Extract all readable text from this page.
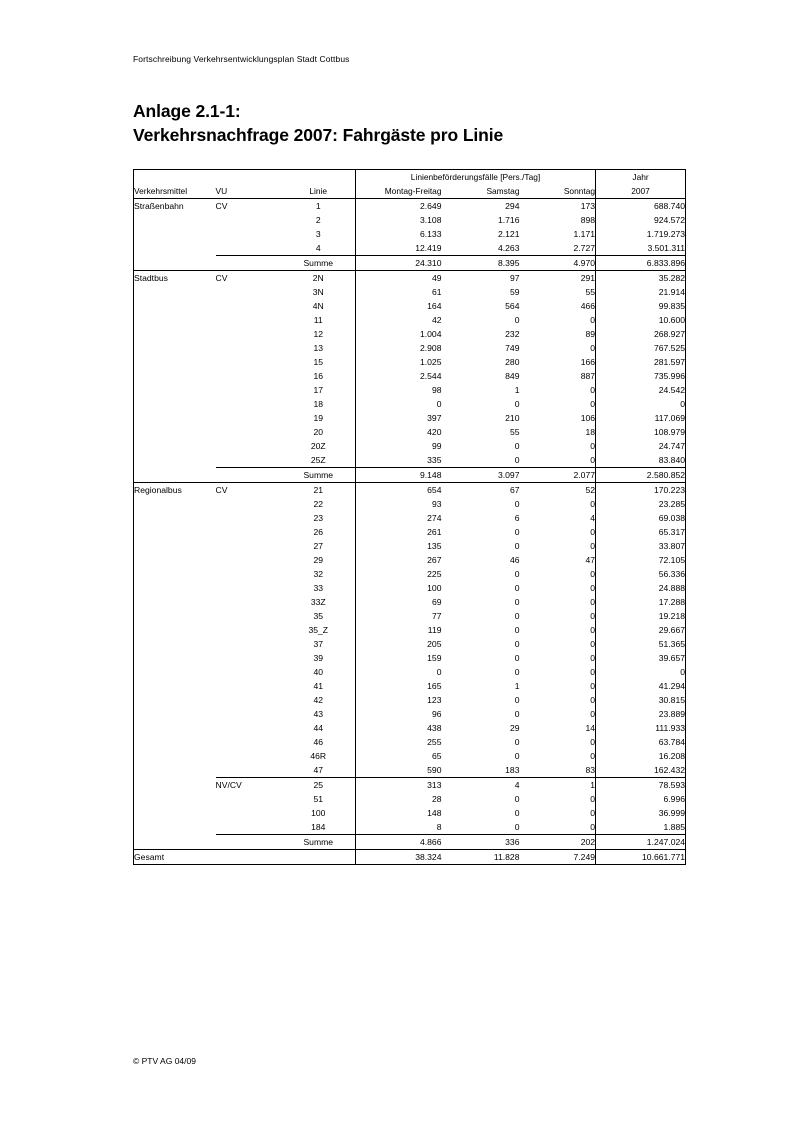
Fortschreibung Verkehrsentwicklungsplan Stadt Cottbus
Anlage 2.1-1:
Verkehrsnachfrage 2007: Fahrgäste pro Linie
			Linienbeförderungsfälle [Pers./Tag]			Jahr
Verkehrsmittel	VU	Linie	Montag-Freitag	Samstag	Sonntag	2007
Straßenbahn	CV	1	2.649	294	173	688.740
		2	3.108	1.716	898	924.572
		3	6.133	2.121	1.171	1.719.273
		4	12.419	4.263	2.727	3.501.311
		Summe	24.310	8.395	4.970	6.833.896
Stadtbus	CV	2N	49	97	291	35.282
		3N	61	59	55	21.914
		4N	164	564	466	99.835
		11	42	0	0	10.600
		12	1.004	232	89	268.927
		13	2.908	749	0	767.525
		15	1.025	280	166	281.597
		16	2.544	849	887	735.996
		17	98	1	0	24.542
		18	0	0	0	0
		19	397	210	106	117.069
		20	420	55	18	108.979
		20Z	99	0	0	24.747
		25Z	335	0	0	83.840
		Summe	9.148	3.097	2.077	2.580.852
Regionalbus	CV	21	654	67	52	170.223
		22	93	0	0	23.285
		23	274	6	4	69.038
		26	261	0	0	65.317
		27	135	0	0	33.807
		29	267	46	47	72.105
		32	225	0	0	56.336
		33	100	0	0	24.888
		33Z	69	0	0	17.288
		35	77	0	0	19.218
		35_Z	119	0	0	29.667
		37	205	0	0	51.365
		39	159	0	0	39.657
		40	0	0	0	0
		41	165	1	0	41.294
		42	123	0	0	30.815
		43	96	0	0	23.889
		44	438	29	14	111.933
		46	255	0	0	63.784
		46R	65	0	0	16.208
		47	590	183	83	162.432
	NV/CV	25	313	4	1	78.593
		51	28	0	0	6.996
		100	148	0	0	36.999
		184	8	0	0	1.885
		Summe	4.866	336	202	1.247.024
Gesamt			38.324	11.828	7.249	10.661.771
© PTV AG 04/09
